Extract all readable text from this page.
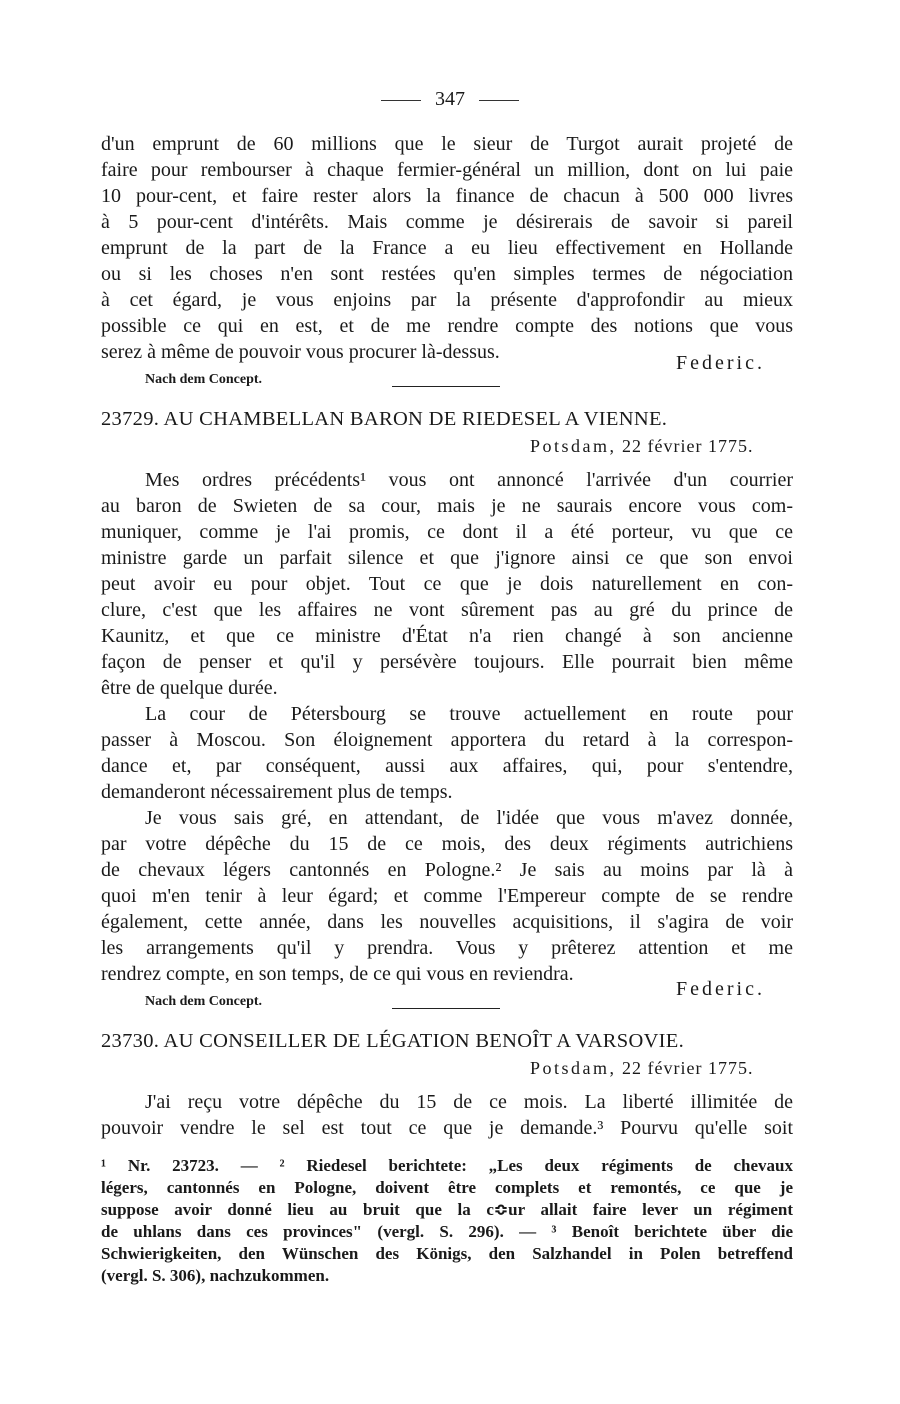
347
d'un emprunt de 60 millions que le sieur de Turgot aurait projeté de
faire pour rembourser à chaque fermier-général un million, dont on lui paie
10 pour-cent, et faire rester alors la finance de chacun à 500 000 livres
à 5 pour-cent d'intérêts. Mais comme je désirerais de savoir si pareil
emprunt de la part de la France a eu lieu effectivement en Hollande
ou si les choses n'en sont restées qu'en simples termes de négociation
à cet égard, je vous enjoins par la présente d'approfondir au mieux
possible ce qui en est, et de me rendre compte des notions que vous
serez à même de pouvoir vous procurer là-dessus.	Federic.
Nach dem Concept.
23729. AU CHAMBELLAN BARON DE RIEDESEL A VIENNE.
Potsdam, 22 février 1775.
Mes ordres précédents¹ vous ont annoncé l'arrivée d'un courrier
au baron de Swieten de sa cour, mais je ne saurais encore vous com-
muniquer, comme je l'ai promis, ce dont il a été porteur, vu que ce
ministre garde un parfait silence et que j'ignore ainsi ce que son envoi
peut avoir eu pour objet. Tout ce que je dois naturellement en con-
clure, c'est que les affaires ne vont sûrement pas au gré du prince de
Kaunitz, et que ce ministre d'État n'a rien changé à son ancienne
façon de penser et qu'il y persévère toujours. Elle pourrait bien même
être de quelque durée.
La cour de Pétersbourg se trouve actuellement en route pour
passer à Moscou. Son éloignement apportera du retard à la correspon-
dance et, par conséquent, aussi aux affaires, qui, pour s'entendre,
demanderont nécessairement plus de temps.
Je vous sais gré, en attendant, de l'idée que vous m'avez donnée,
par votre dépêche du 15 de ce mois, des deux régiments autrichiens
de chevaux légers cantonnés en Pologne.² Je sais au moins par là à
quoi m'en tenir à leur égard; et comme l'Empereur compte de se rendre
également, cette année, dans les nouvelles acquisitions, il s'agira de voir
les arrangements qu'il y prendra. Vous y prêterez attention et me
rendrez compte, en son temps, de ce qui vous en reviendra.
Federic.
Nach dem Concept.
23730. AU CONSEILLER DE LÉGATION BENOÎT A VARSOVIE.
Potsdam, 22 février 1775.
J'ai reçu votre dépêche du 15 de ce mois. La liberté illimitée de
pouvoir vendre le sel est tout ce que je demande.³ Pourvu qu'elle soit
¹ Nr. 23723. — ² Riedesel berichtete: „Les deux régiments de chevaux
légers, cantonnés en Pologne, doivent être complets et remontés, ce que je
suppose avoir donné lieu au bruit que la c≎ur allait faire lever un régiment
de uhlans dans ces provinces" (vergl. S. 296). — ³ Benoît berichtete über die
Schwierigkeiten, den Wünschen des Königs, den Salzhandel in Polen betreffend
(vergl. S. 306), nachzukommen.
